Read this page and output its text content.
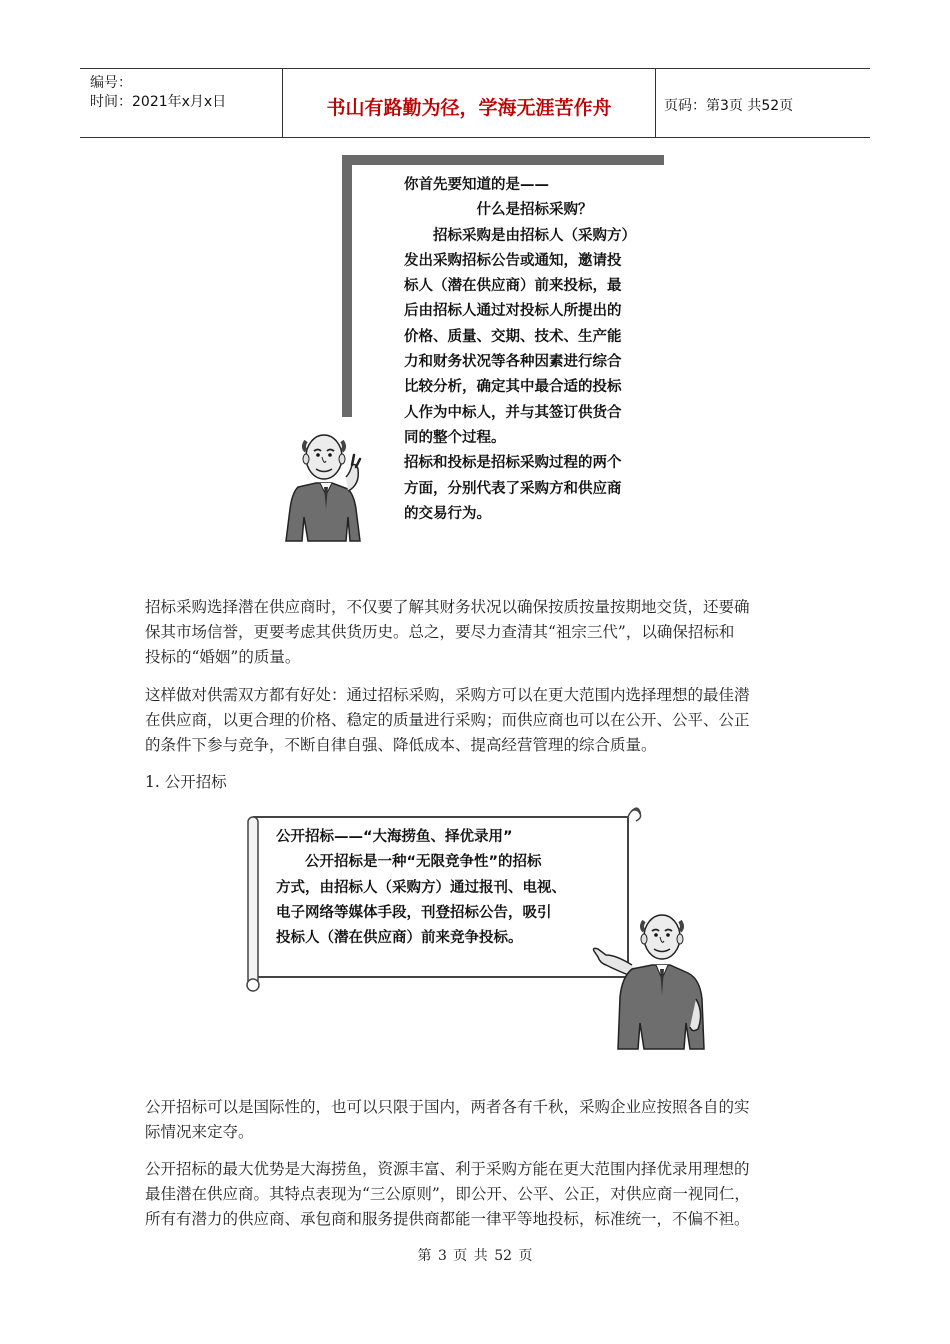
编号：
时间：2021年x月x日	书山有路勤为径，学海无涯苦作舟	页码：第3页 共52页
你首先要知道的是——
　　　　　什么是招标采购？
　　招标采购是由招标人（采购方）
发出采购招标公告或通知，邀请投
标人（潜在供应商）前来投标，最
后由招标人通过对投标人所提出的
价格、质量、交期、技术、生产能
力和财务状况等各种因素进行综合
比较分析，确定其中最合适的投标
人作为中标人，并与其签订供货合
同的整个过程。
招标和投标是招标采购过程的两个
方面，分别代表了采购方和供应商
的交易行为。
招标采购选择潜在供应商时，不仅要了解其财务状况以确保按质按量按期地交货，还要确
保其市场信誉，更要考虑其供货历史。总之，要尽力查清其“祖宗三代”，以确保招标和
投标的“婚姻”的质量。
这样做对供需双方都有好处：通过招标采购，采购方可以在更大范围内选择理想的最佳潜
在供应商，以更合理的价格、稳定的质量进行采购；而供应商也可以在公开、公平、公正
的条件下参与竞争，不断自律自强、降低成本、提高经营管理的综合质量。
1. 公开招标
公开招标——“大海捞鱼、择优录用”
　　公开招标是一种“无限竞争性”的招标
方式，由招标人（采购方）通过报刊、电视、
电子网络等媒体手段，刊登招标公告，吸引
投标人（潜在供应商）前来竞争投标。
公开招标可以是国际性的，也可以只限于国内，两者各有千秋，采购企业应按照各自的实
际情况来定夺。
公开招标的最大优势是大海捞鱼，资源丰富、利于采购方能在更大范围内择优录用理想的
最佳潜在供应商。其特点表现为“三公原则”，即公开、公平、公正，对供应商一视同仁，
所有有潜力的供应商、承包商和服务提供商都能一律平等地投标，标准统一，不偏不袒。
第 3 页 共 52 页
